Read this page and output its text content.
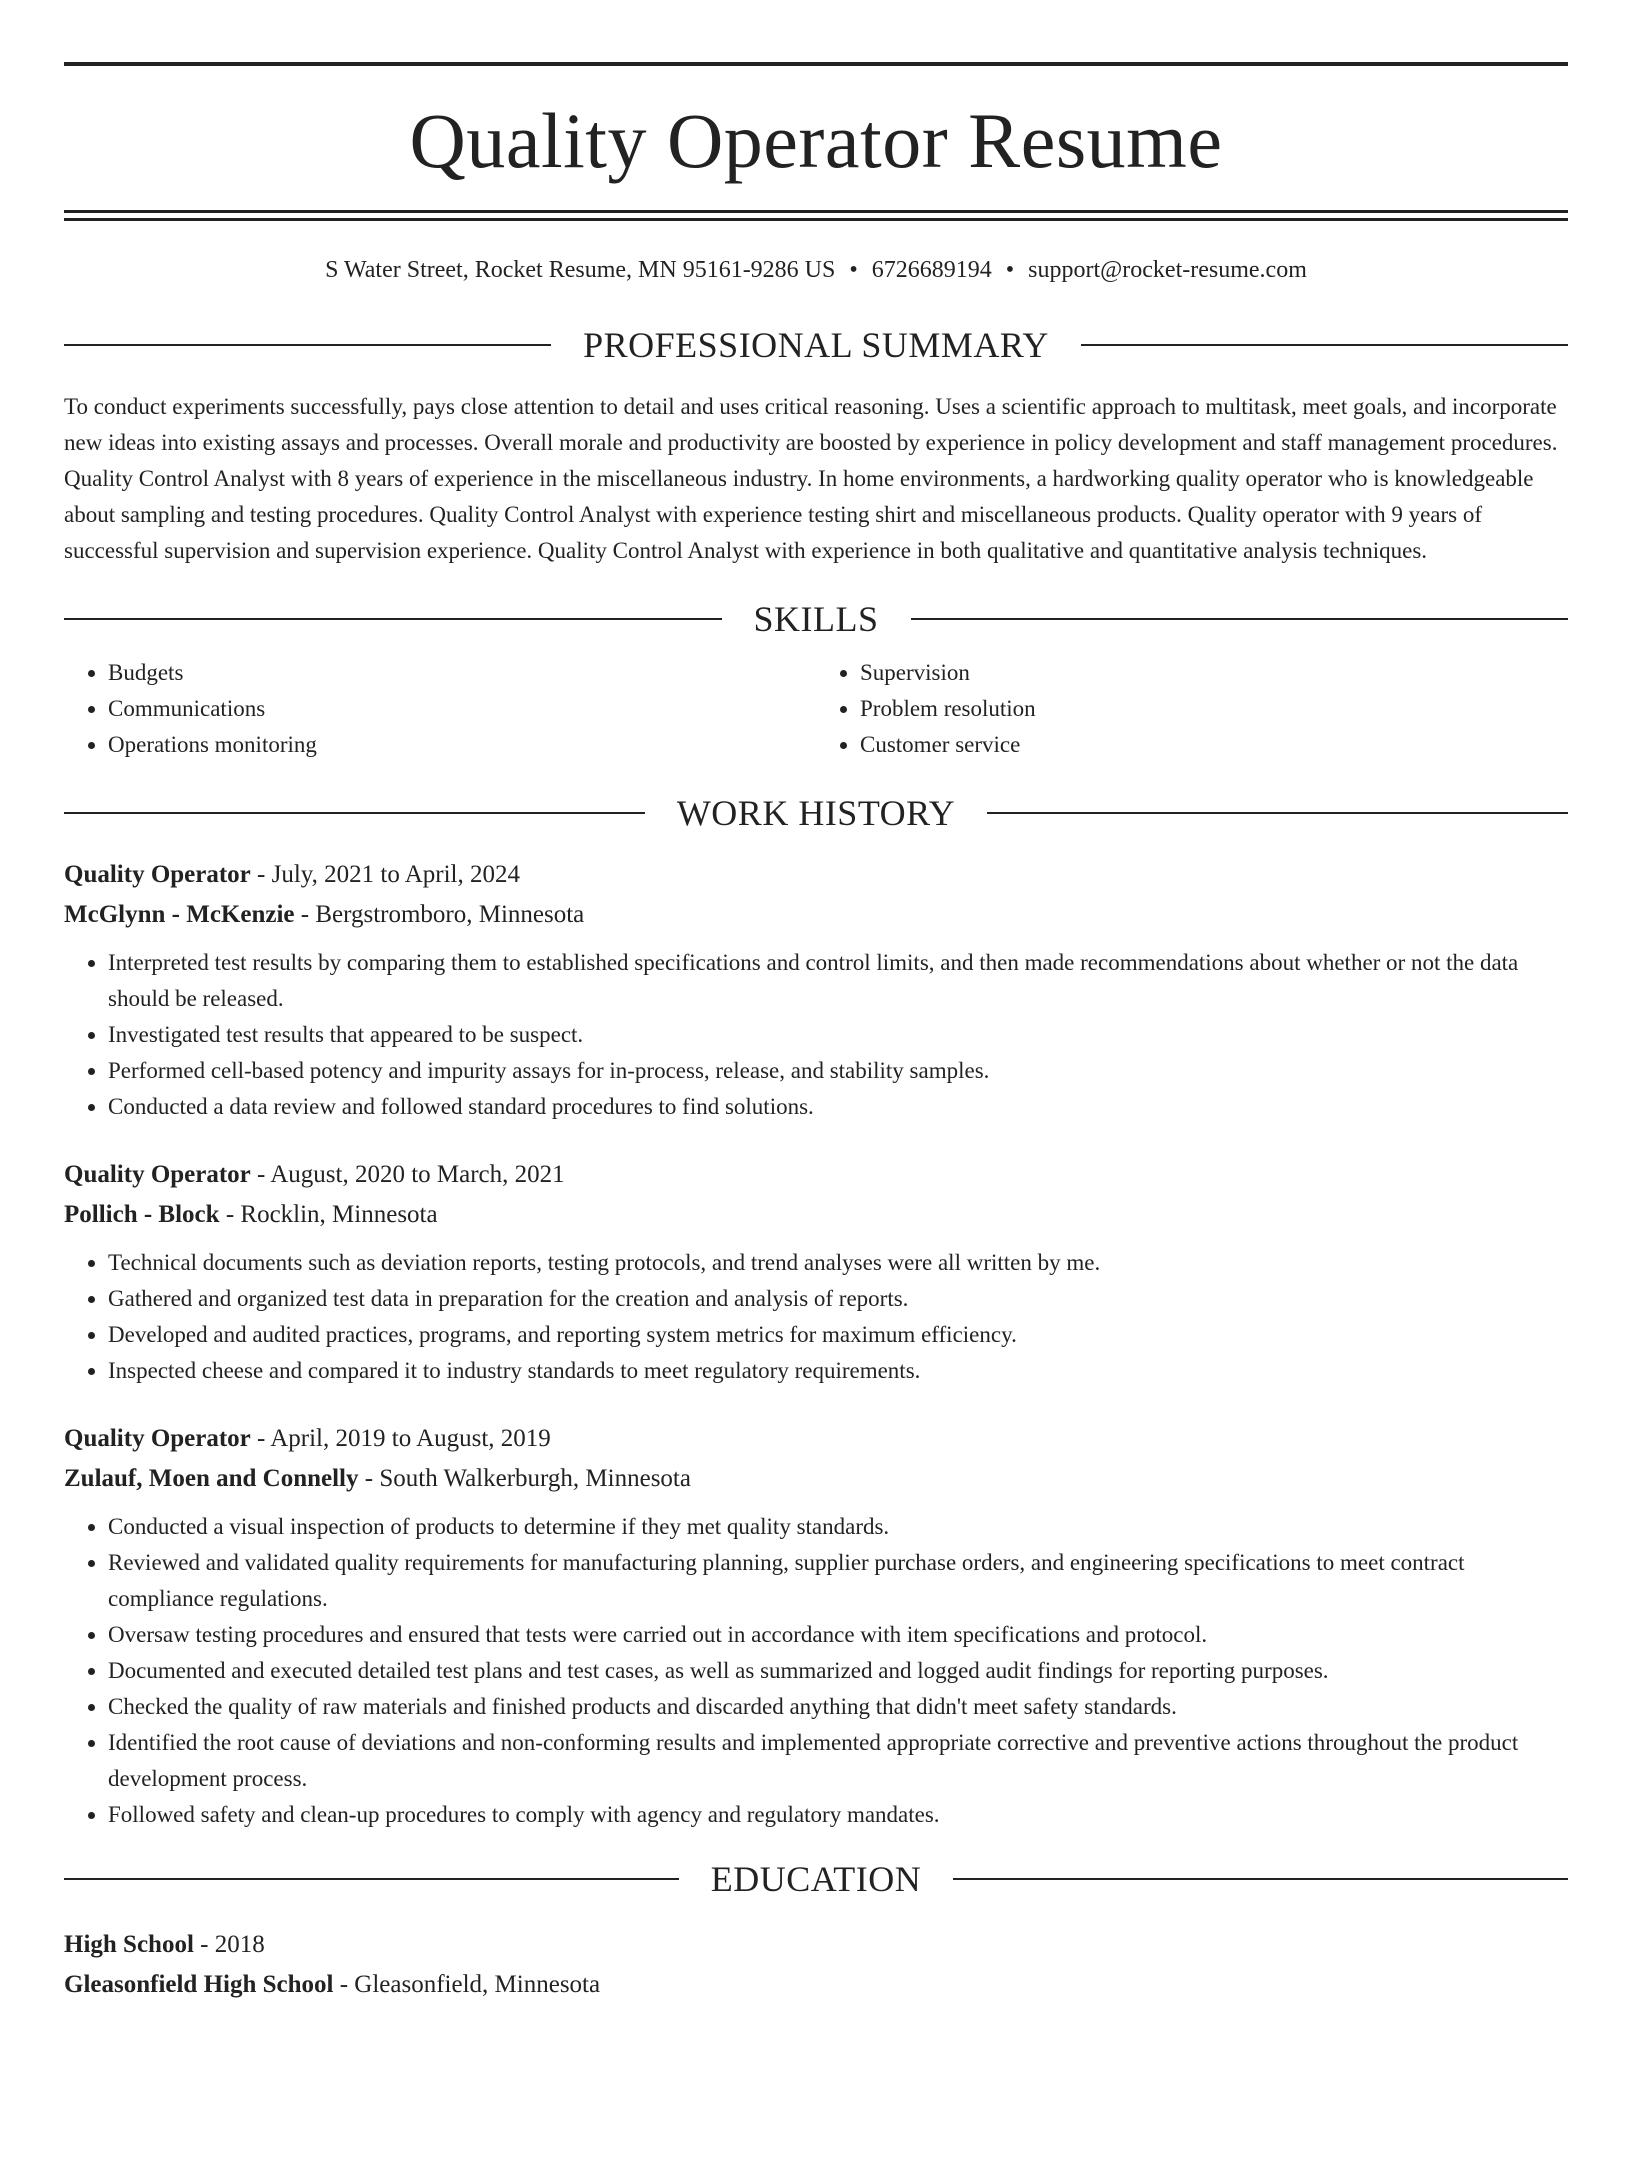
Quality Operator Resume
S Water Street, Rocket Resume, MN 95161-9286 US • 6726689194 • support@rocket-resume.com
PROFESSIONAL SUMMARY
To conduct experiments successfully, pays close attention to detail and uses critical reasoning. Uses a scientific approach to multitask, meet goals, and incorporate new ideas into existing assays and processes. Overall morale and productivity are boosted by experience in policy development and staff management procedures. Quality Control Analyst with 8 years of experience in the miscellaneous industry. In home environments, a hardworking quality operator who is knowledgeable about sampling and testing procedures. Quality Control Analyst with experience testing shirt and miscellaneous products. Quality operator with 9 years of successful supervision and supervision experience. Quality Control Analyst with experience in both qualitative and quantitative analysis techniques.
SKILLS
• Budgets
• Communications
• Operations monitoring
• Supervision
• Problem resolution
• Customer service
WORK HISTORY
Quality Operator - July, 2021 to April, 2024
McGlynn - McKenzie - Bergstromboro, Minnesota
• Interpreted test results by comparing them to established specifications and control limits, and then made recommendations about whether or not the data should be released.
• Investigated test results that appeared to be suspect.
• Performed cell-based potency and impurity assays for in-process, release, and stability samples.
• Conducted a data review and followed standard procedures to find solutions.
Quality Operator - August, 2020 to March, 2021
Pollich - Block - Rocklin, Minnesota
• Technical documents such as deviation reports, testing protocols, and trend analyses were all written by me.
• Gathered and organized test data in preparation for the creation and analysis of reports.
• Developed and audited practices, programs, and reporting system metrics for maximum efficiency.
• Inspected cheese and compared it to industry standards to meet regulatory requirements.
Quality Operator - April, 2019 to August, 2019
Zulauf, Moen and Connelly - South Walkerburgh, Minnesota
• Conducted a visual inspection of products to determine if they met quality standards.
• Reviewed and validated quality requirements for manufacturing planning, supplier purchase orders, and engineering specifications to meet contract compliance regulations.
• Oversaw testing procedures and ensured that tests were carried out in accordance with item specifications and protocol.
• Documented and executed detailed test plans and test cases, as well as summarized and logged audit findings for reporting purposes.
• Checked the quality of raw materials and finished products and discarded anything that didn't meet safety standards.
• Identified the root cause of deviations and non-conforming results and implemented appropriate corrective and preventive actions throughout the product development process.
• Followed safety and clean-up procedures to comply with agency and regulatory mandates.
EDUCATION
High School - 2018
Gleasonfield High School - Gleasonfield, Minnesota
